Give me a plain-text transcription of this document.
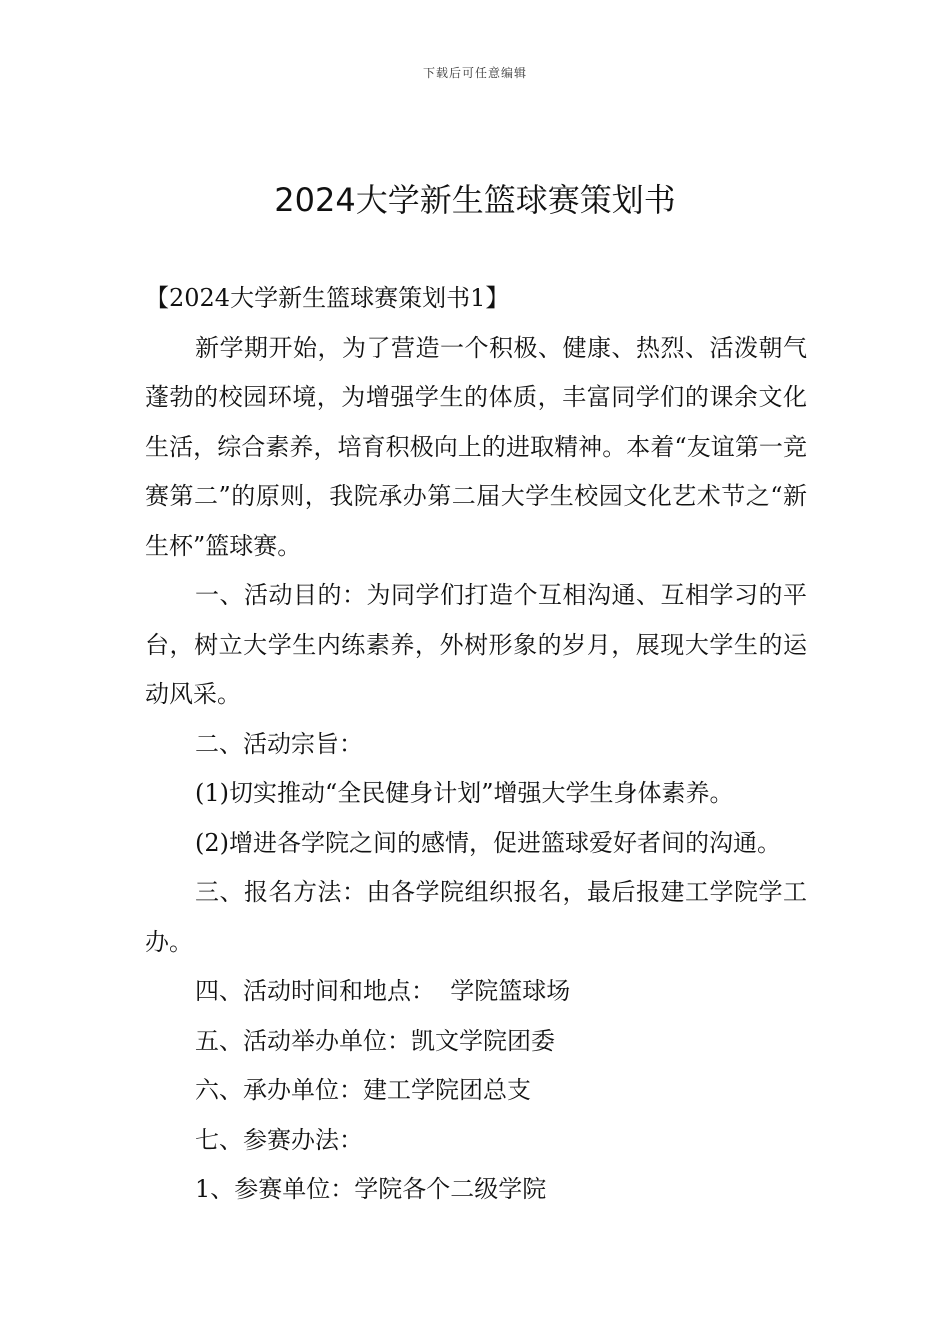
下载后可任意编辑
2024大学新生篮球赛策划书

【2024大学新生篮球赛策划书1】

新学期开始，为了营造一个积极、健康、热烈、活泼朝气蓬勃的校园环境，为增强学生的体质，丰富同学们的课余文化生活，综合素养，培育积极向上的进取精神。本着“友谊第一竞赛第二”的原则，我院承办第二届大学生校园文化艺术节之“新生杯”篮球赛。

一、活动目的：为同学们打造个互相沟通、互相学习的平台，树立大学生内练素养，外树形象的岁月，展现大学生的运动风采。

二、活动宗旨：

(1)切实推动“全民健身计划”增强大学生身体素养。

(2)增进各学院之间的感情，促进篮球爱好者间的沟通。

三、报名方法：由各学院组织报名，最后报建工学院学工办。

四、活动时间和地点：  学院篮球场

五、活动举办单位：凯文学院团委

六、承办单位：建工学院团总支

七、参赛办法：

1、参赛单位：学院各个二级学院
